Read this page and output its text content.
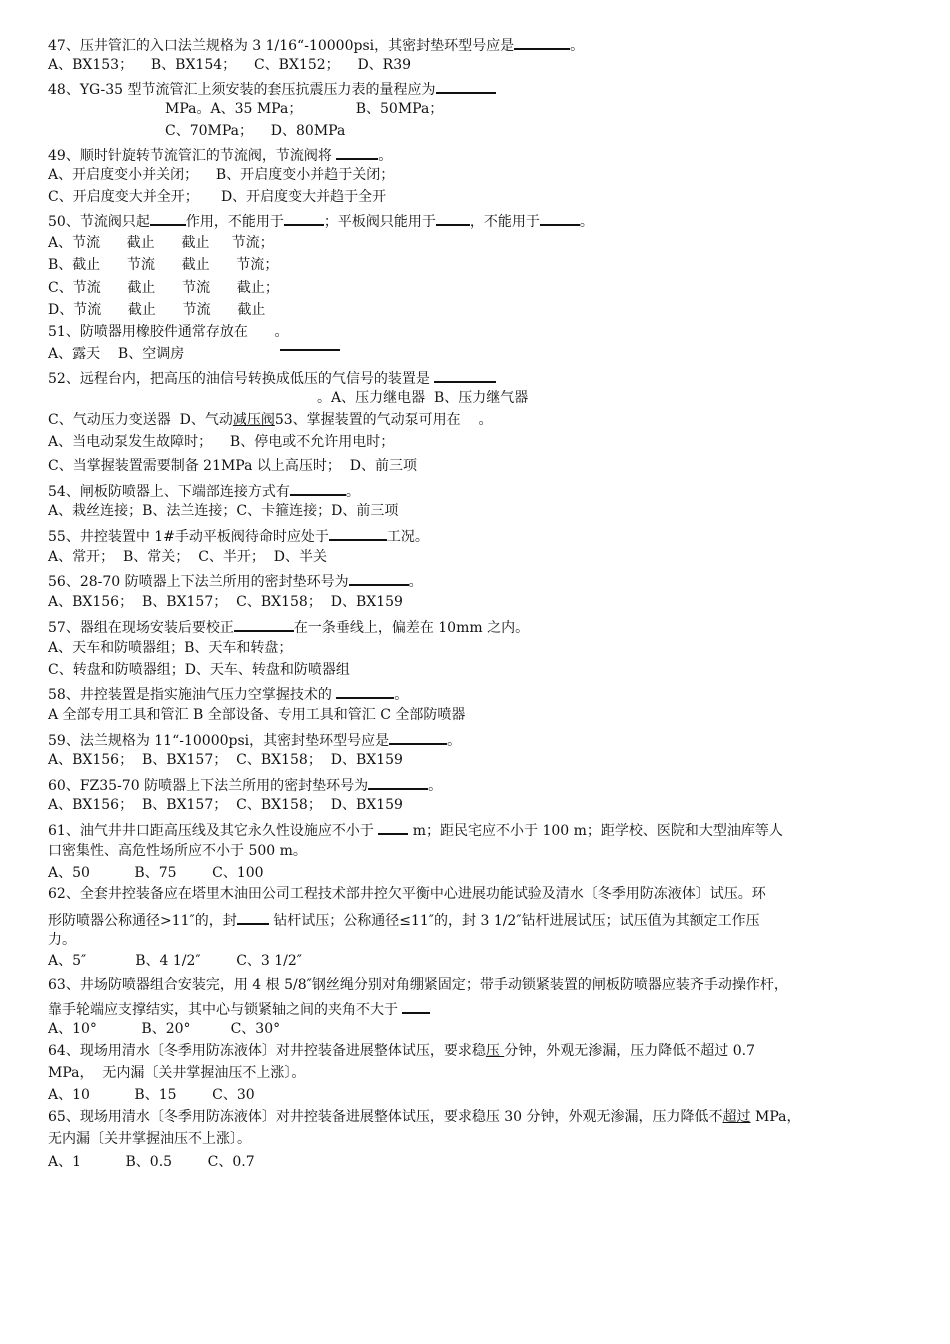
47、压井管汇的入口法兰规格为 3 1/16“-10000psi，其密封垫环型号应是	。
A、BX153；    B、BX154；    C、BX152；    D、R39
48、YG-35 型节流管汇上须安装的套压抗震压力表的量程应为
MPa。A、35 MPa；            B、50MPa；
C、70MPa；    D、80MPa
49、顺时针旋转节流管汇的节流阀，节流阀将	。
A、开启度变小并关闭；    B、开启度变小并趋于关闭；
C、开启度变大并全开；     D、开启度变大并趋于全开
50、节流阀只起	作用，不能用于	；平板阀只能用于 ，不能用于	。
A、节流      截止      截止     节流；
B、截止      节流      截止      节流；
C、节流      截止      节流      截止；
D、节流      截止      节流      截止
51、防喷器用橡胶件通常存放在      。
A、露天    B、空调房
52、远程台内，把高压的油信号转换成低压的气信号的装置是
。A、压力继电器  B、压力继气器
C、气动压力变送器  D、气动减压阀53、掌握装置的气动泵可用在    。
A、当电动泵发生故障时；    B、停电或不允许用电时；
C、当掌握装置需要制备 21MPa 以上高压时；  D、前三项
54、闸板防喷器上、下端部连接方式有	。
A、栽丝连接；B、法兰连接；C、卡箍连接；D、前三项
55、井控装置中 1#手动平板阀待命时应处于	工况。
A、常开；  B、常关；  C、半开；  D、半关
56、28-70 防喷器上下法兰所用的密封垫环号为	。
A、BX156；  B、BX157；  C、BX158；  D、BX159
57、器组在现场安装后要校正	在一条垂线上，偏差在 10mm 之内。
A、天车和防喷器组；B、天车和转盘；
C、转盘和防喷器组；D、天车、转盘和防喷器组
58、井控装置是指实施油气压力空掌握技术的	。
A 全部专用工具和管汇 B 全部设备、专用工具和管汇 C 全部防喷器
59、法兰规格为 11“-10000psi，其密封垫环型号应是	。
A、BX156；  B、BX157；  C、BX158；  D、BX159
60、FZ35-70 防喷器上下法兰所用的密封垫环号为	。
A、BX156；  B、BX157；  C、BX158；  D、BX159
61、油气井井口距高压线及其它永久性设施应不小于  m；距民宅应不小于 100 m；距学校、医院和大型油库等人
口密集性、高危性场所应不小于 500 m。
A、50          B、75        C、100
62、全套井控装备应在塔里木油田公司工程技术部井控欠平衡中心进展功能试验及清水〔冬季用防冻液体〕试压。环
形防喷器公称通径>11″的，封 钻杆试压；公称通径≤11″的，封 3 1/2″钻杆进展试压；试压值为其额定工作压
力。
A、5″           B、4 1/2″        C、3 1/2″
63、井场防喷器组合安装完，用 4 根 5/8″钢丝绳分别对角绷紧固定；带手动锁紧装置的闸板防喷器应装齐手动操作杆，
靠手轮端应支撑结实，其中心与锁紧轴之间的夹角不大于
A、10°          B、20°         C、30°
64、现场用清水〔冬季用防冻液体〕对井控装备进展整体试压，要求稳压 分钟，外观无渗漏，压力降低不超过 0.7
MPa，  无内漏〔关井掌握油压不上涨〕。
A、10          B、15        C、30
65、现场用清水〔冬季用防冻液体〕对井控装备进展整体试压，要求稳压 30 分钟，外观无渗漏，压力降低不超过 MPa，
无内漏〔关井掌握油压不上涨〕。
A、1          B、0.5        C、0.7
